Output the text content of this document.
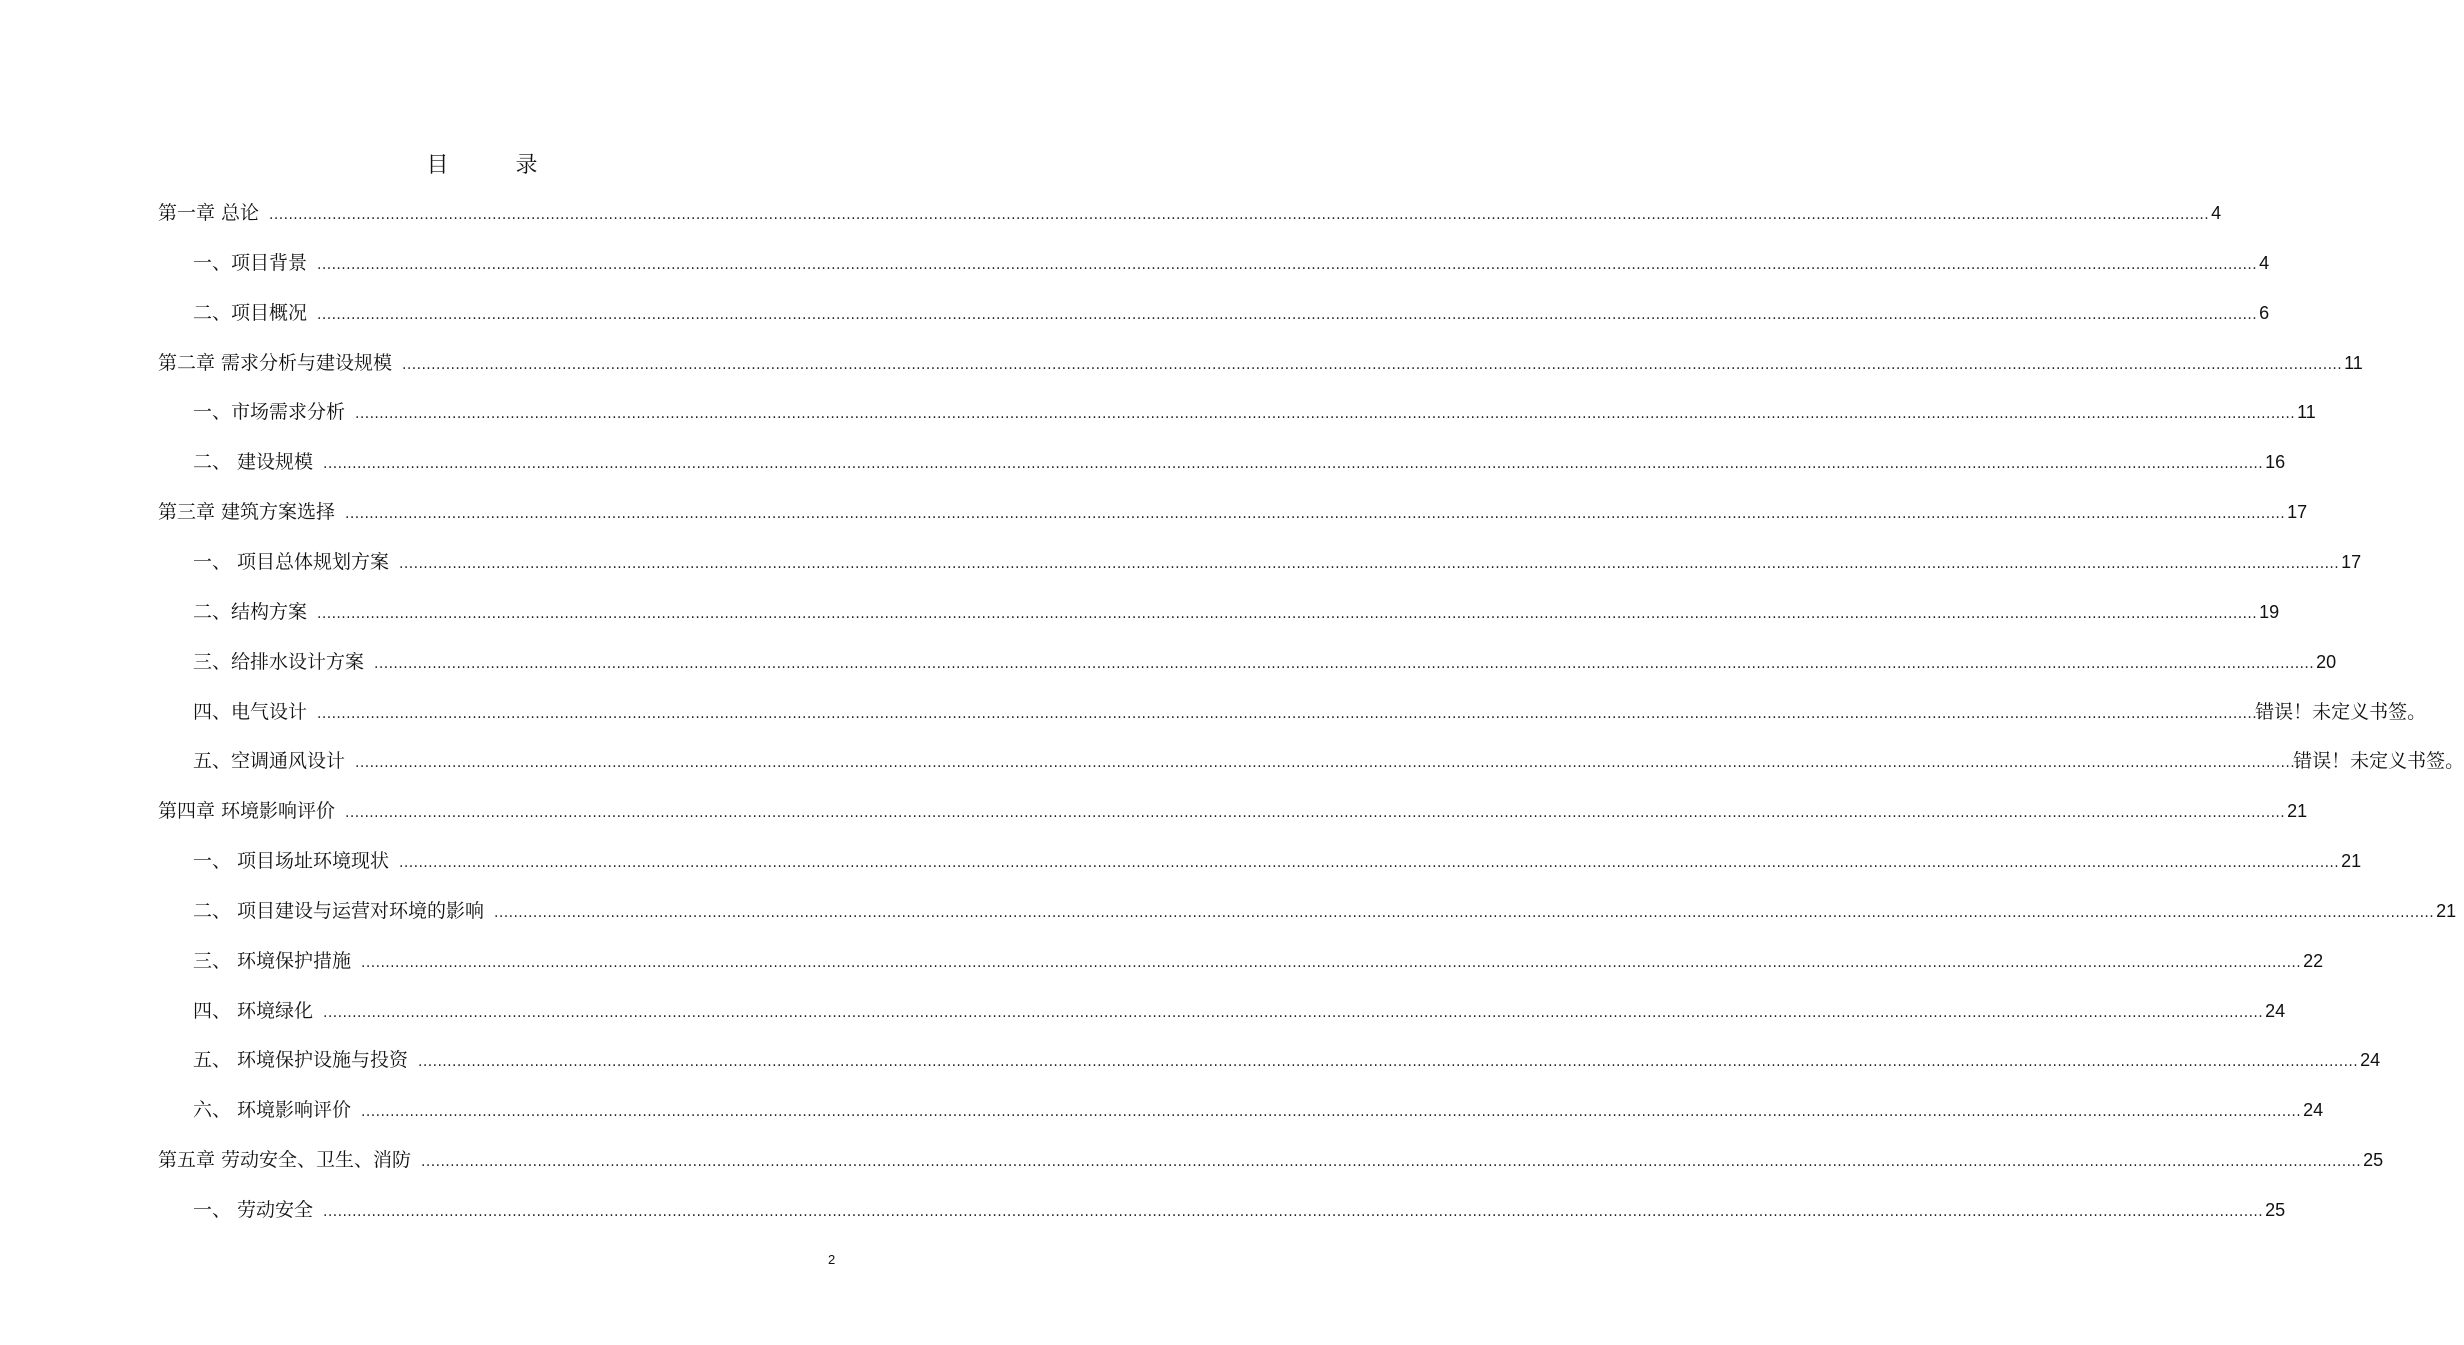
目 录
第一章 总论 ................................................................................................................................................................................................................................................................................................................................................................................................................ 4
一、项目背景 ................................................................................................................................................................................................................................................................................................................................................................................................................ 4
二、项目概况 ................................................................................................................................................................................................................................................................................................................................................................................................................ 6
第二章 需求分析与建设规模 ................................................................................................................................................................................................................................................................................................................................................................................................................ 11
一、市场需求分析 ................................................................................................................................................................................................................................................................................................................................................................................................................ 11
二、 建设规模 ................................................................................................................................................................................................................................................................................................................................................................................................................ 16
第三章 建筑方案选择 ................................................................................................................................................................................................................................................................................................................................................................................................................ 17
一、 项目总体规划方案 ................................................................................................................................................................................................................................................................................................................................................................................................................ 17
二、结构方案 ................................................................................................................................................................................................................................................................................................................................................................................................................ 19
三、给排水设计方案 ................................................................................................................................................................................................................................................................................................................................................................................................................ 20
四、电气设计 ................................................................................................................................................................................................................................................................................................................................................................................................................
错误！未定义书签。
五、空调通风设计 ................................................................................................................................................................................................................................................................................................................................................................................................................
错误！未定义书签。
第四章 环境影响评价 ................................................................................................................................................................................................................................................................................................................................................................................................................ 21
一、 项目场址环境现状 ................................................................................................................................................................................................................................................................................................................................................................................................................ 21
二、 项目建设与运营对环境的影响 ................................................................................................................................................................................................................................................................................................................................................................................................................ 21
三、 环境保护措施 ................................................................................................................................................................................................................................................................................................................................................................................................................ 22
四、 环境绿化 ................................................................................................................................................................................................................................................................................................................................................................................................................ 24
五、 环境保护设施与投资 ................................................................................................................................................................................................................................................................................................................................................................................................................ 24
六、 环境影响评价 ................................................................................................................................................................................................................................................................................................................................................................................................................ 24
第五章 劳动安全、卫生、消防 ................................................................................................................................................................................................................................................................................................................................................................................................................ 25
一、 劳动安全 ................................................................................................................................................................................................................................................................................................................................................................................................................ 25
2
